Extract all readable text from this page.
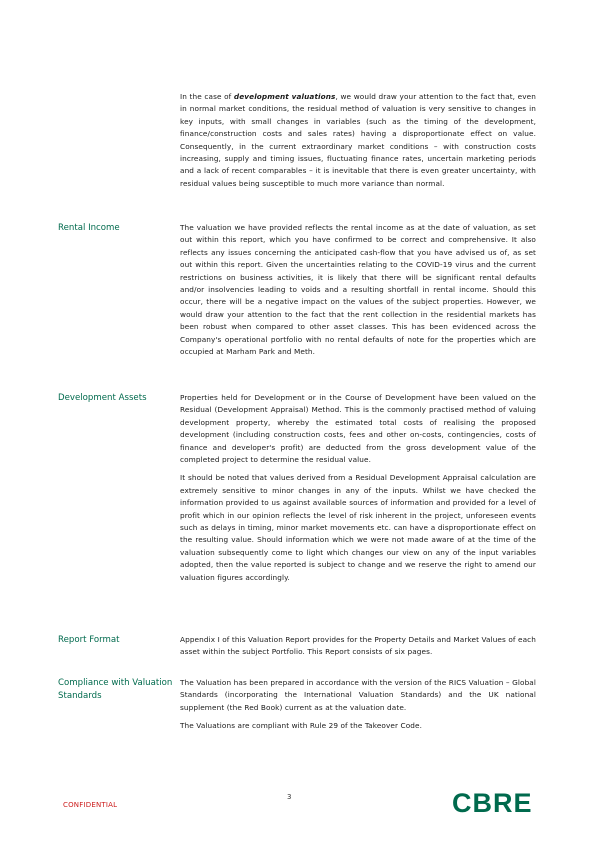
In the case of development valuations, we would draw your attention to the fact that, even in normal market conditions, the residual method of valuation is very sensitive to changes in key inputs, with small changes in variables (such as the timing of the development, finance/construction costs and sales rates) having a disproportionate effect on value. Consequently, in the current extraordinary market conditions – with construction costs increasing, supply and timing issues, fluctuating finance rates, uncertain marketing periods and a lack of recent comparables – it is inevitable that there is even greater uncertainty, with residual values being susceptible to much more variance than normal.

Rental Income	The valuation we have provided reflects the rental income as at the date of valuation, as set out within this report, which you have confirmed to be correct and comprehensive. It also reflects any issues concerning the anticipated cash-flow that you have advised us of, as set out within this report. Given the uncertainties relating to the COVID-19 virus and the current restrictions on business activities, it is likely that there will be significant rental defaults and/or insolvencies leading to voids and a resulting shortfall in rental income. Should this occur, there will be a negative impact on the values of the subject properties. However, we would draw your attention to the fact that the rent collection in the residential markets has been robust when compared to other asset classes. This has been evidenced across the Company's operational portfolio with no rental defaults of note for the properties which are occupied at Marham Park and Meth.

Development Assets	Properties held for Development or in the Course of Development have been valued on the Residual (Development Appraisal) Method. This is the commonly practised method of valuing development property, whereby the estimated total costs of realising the proposed development (including construction costs, fees and other on-costs, contingencies, costs of finance and developer's profit) are deducted from the gross development value of the completed project to determine the residual value.

It should be noted that values derived from a Residual Development Appraisal calculation are extremely sensitive to minor changes in any of the inputs. Whilst we have checked the information provided to us against available sources of information and provided for a level of profit which in our opinion reflects the level of risk inherent in the project, unforeseen events such as delays in timing, minor market movements etc. can have a disproportionate effect on the resulting value. Should information which we were not made aware of at the time of the valuation subsequently come to light which changes our view on any of the input variables adopted, then the value reported is subject to change and we reserve the right to amend our valuation figures accordingly.

Report Format	Appendix I of this Valuation Report provides for the Property Details and Market Values of each asset within the subject Portfolio. This Report consists of six pages.

Compliance with Valuation Standards

The Valuation has been prepared in accordance with the version of the RICS Valuation – Global Standards (incorporating the International Valuation Standards) and the UK national supplement (the Red Book) current as at the valuation date.

The Valuations are compliant with Rule 29 of the Takeover Code.

CONFIDENTIAL
3	CBRE
